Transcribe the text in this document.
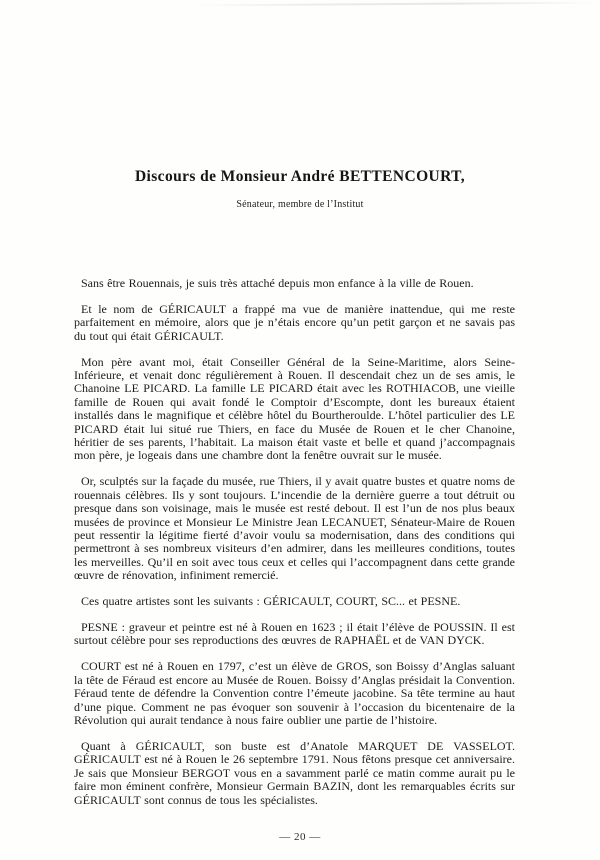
Discours de Monsieur André BETTENCOURT,
Sénateur, membre de l’Institut

Sans être Rouennais, je suis très attaché depuis mon enfance à la ville de Rouen.

Et le nom de GÉRICAULT a frappé ma vue de manière inattendue, qui me reste parfaitement en mémoire, alors que je n’étais encore qu’un petit garçon et ne savais pas du tout qui était GÉRICAULT.

Mon père avant moi, était Conseiller Général de la Seine-Maritime, alors Seine-Inférieure, et venait donc régulièrement à Rouen. Il descendait chez un de ses amis, le Chanoine LE PICARD. La famille LE PICARD était avec les ROTHIACOB, une vieille famille de Rouen qui avait fondé le Comptoir d’Escompte, dont les bureaux étaient installés dans le magnifique et célèbre hôtel du Bourtheroulde. L’hôtel particulier des LE PICARD était lui situé rue Thiers, en face du Musée de Rouen et le cher Chanoine, héritier de ses parents, l’habitait. La maison était vaste et belle et quand j’accompagnais mon père, je logeais dans une chambre dont la fenêtre ouvrait sur le musée.

Or, sculptés sur la façade du musée, rue Thiers, il y avait quatre bustes et quatre noms de rouennais célèbres. Ils y sont toujours. L’incendie de la dernière guerre a tout détruit ou presque dans son voisinage, mais le musée est resté debout. Il est l’un de nos plus beaux musées de province et Monsieur Le Ministre Jean LECANUET, Sénateur-Maire de Rouen peut ressentir la légitime fierté d’avoir voulu sa modernisation, dans des conditions qui permettront à ses nombreux visiteurs d’en admirer, dans les meilleures conditions, toutes les merveilles. Qu’il en soit avec tous ceux et celles qui l’accompagnent dans cette grande œuvre de rénovation, infiniment remercié.

Ces quatre artistes sont les suivants : GÉRICAULT, COURT, SC... et PESNE.

PESNE : graveur et peintre est né à Rouen en 1623 ; il était l’élève de POUSSIN. Il est surtout célèbre pour ses reproductions des œuvres de RAPHAËL et de VAN DYCK.

COURT est né à Rouen en 1797, c’est un élève de GROS, son Boissy d’Anglas saluant la tête de Féraud est encore au Musée de Rouen. Boissy d’Anglas présidait la Convention. Féraud tente de défendre la Convention contre l’émeute jacobine. Sa tête termine au haut d’une pique. Comment ne pas évoquer son souvenir à l’occasion du bicentenaire de la Révolution qui aurait tendance à nous faire oublier une partie de l’histoire.

Quant à GÉRICAULT, son buste est d’Anatole MARQUET DE VASSELOT. GÉRICAULT est né à Rouen le 26 septembre 1791. Nous fêtons presque cet anniversaire. Je sais que Monsieur BERGOT vous en a savamment parlé ce matin comme aurait pu le faire mon éminent confrère, Monsieur Germain BAZIN, dont les remarquables écrits sur GÉRICAULT sont connus de tous les spécialistes.

— 20 —
